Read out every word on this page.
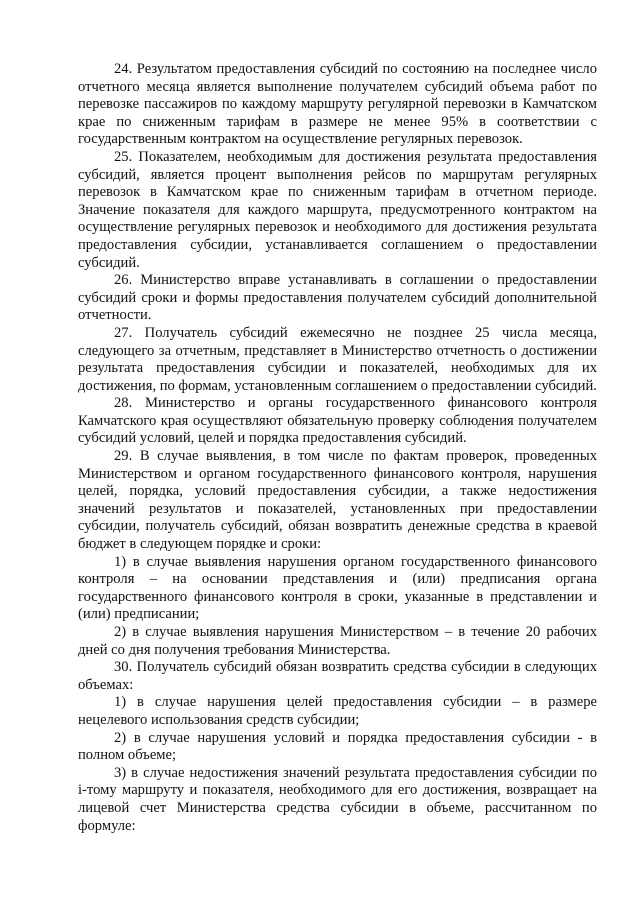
24. Результатом предоставления субсидий по состоянию на последнее число отчетного месяца является выполнение получателем субсидий объема работ по перевозке пассажиров по каждому маршруту регулярной перевозки в Камчатском крае по сниженным тарифам в размере не менее 95% в соответствии с государственным контрактом на осуществление регулярных перевозок.

25. Показателем, необходимым для достижения результата предоставления субсидий, является процент выполнения рейсов по маршрутам регулярных перевозок в Камчатском крае по сниженным тарифам в отчетном периоде. Значение показателя для каждого маршрута, предусмотренного контрактом на осуществление регулярных перевозок и необходимого для достижения результата предоставления субсидии, устанавливается соглашением о предоставлении субсидий.

26. Министерство вправе устанавливать в соглашении о предоставлении субсидий сроки и формы предоставления получателем субсидий дополнительной отчетности.

27. Получатель субсидий ежемесячно не позднее 25 числа месяца, следующего за отчетным, представляет в Министерство отчетность о достижении результата предоставления субсидии и показателей, необходимых для их достижения, по формам, установленным соглашением о предоставлении субсидий.

28. Министерство и органы государственного финансового контроля Камчатского края осуществляют обязательную проверку соблюдения получателем субсидий условий, целей и порядка предоставления субсидий.

29. В случае выявления, в том числе по фактам проверок, проведенных Министерством и органом государственного финансового контроля, нарушения целей, порядка, условий предоставления субсидии, а также недостижения значений результатов и показателей, установленных при предоставлении субсидии, получатель субсидий, обязан возвратить денежные средства в краевой бюджет в следующем порядке и сроки:

1) в случае выявления нарушения органом государственного финансового контроля – на основании представления и (или) предписания органа государственного финансового контроля в сроки, указанные в представлении и (или) предписании;

2) в случае выявления нарушения Министерством – в течение 20 рабочих дней со дня получения требования Министерства.

30. Получатель субсидий обязан возвратить средства субсидии в следующих объемах:

1) в случае нарушения целей предоставления субсидии – в размере нецелевого использования средств субсидии;

2) в случае нарушения условий и порядка предоставления субсидии - в полном объеме;

3) в случае недостижения значений результата предоставления субсидии по i-тому маршруту и показателя, необходимого для его достижения, возвращает на лицевой счет Министерства средства субсидии в объеме, рассчитанном по формуле:
